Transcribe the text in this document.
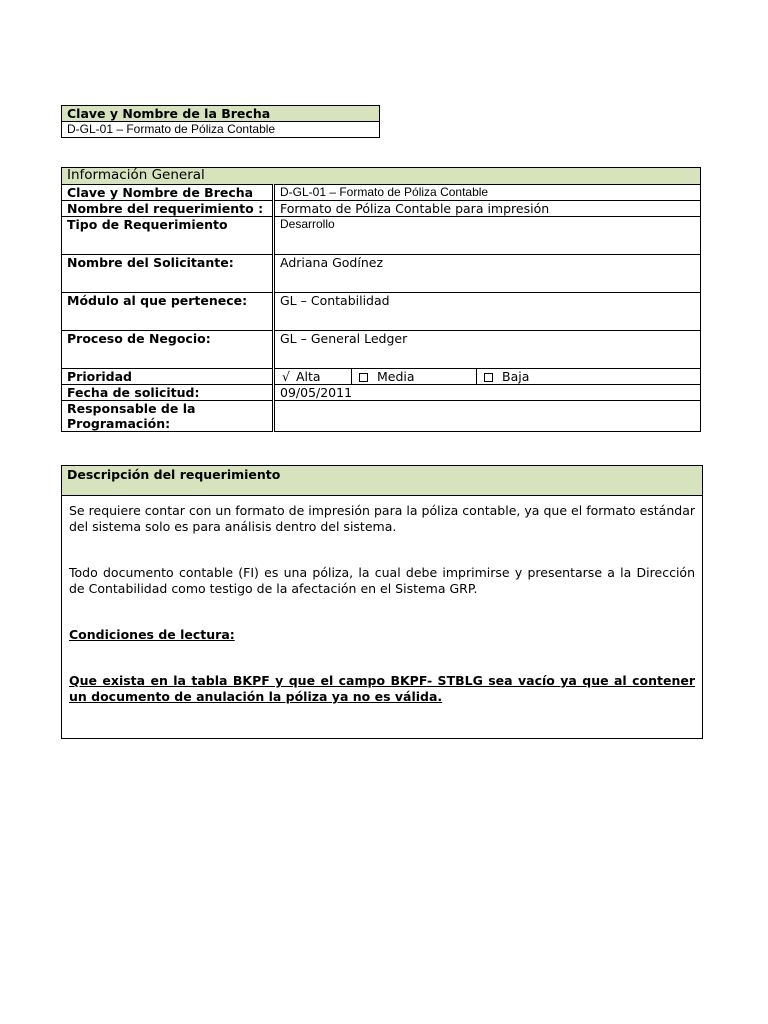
Clave y Nombre de la Brecha
D-GL-01 – Formato de Póliza Contable
Información General	
Clave y Nombre de Brecha	D-GL-01 – Formato de Póliza Contable
Nombre del requerimiento :	Formato de Póliza Contable para impresión
Tipo de Requerimiento	Desarrollo
Nombre del Solicitante:	Adriana Godínez
Módulo al que pertenece:	GL – Contabilidad
Proceso de Negocio:	GL – General Ledger
Prioridad	√ Alta Media Baja

Fecha de solicitud:	09/05/2011
Responsable de la Programación:	
Descripción del requerimiento

Se requiere contar con un formato de impresión para la póliza contable, ya que el formato estándar del sistema solo es para análisis dentro del sistema.

Todo documento contable (FI) es una póliza, la cual debe imprimirse y presentarse a la Dirección de Contabilidad como testigo de la afectación en el Sistema GRP.

Condiciones de lectura:

Que exista en la tabla BKPF y que el campo BKPF- STBLG sea vacío ya que al contener un documento de anulación la póliza ya no es válida.
